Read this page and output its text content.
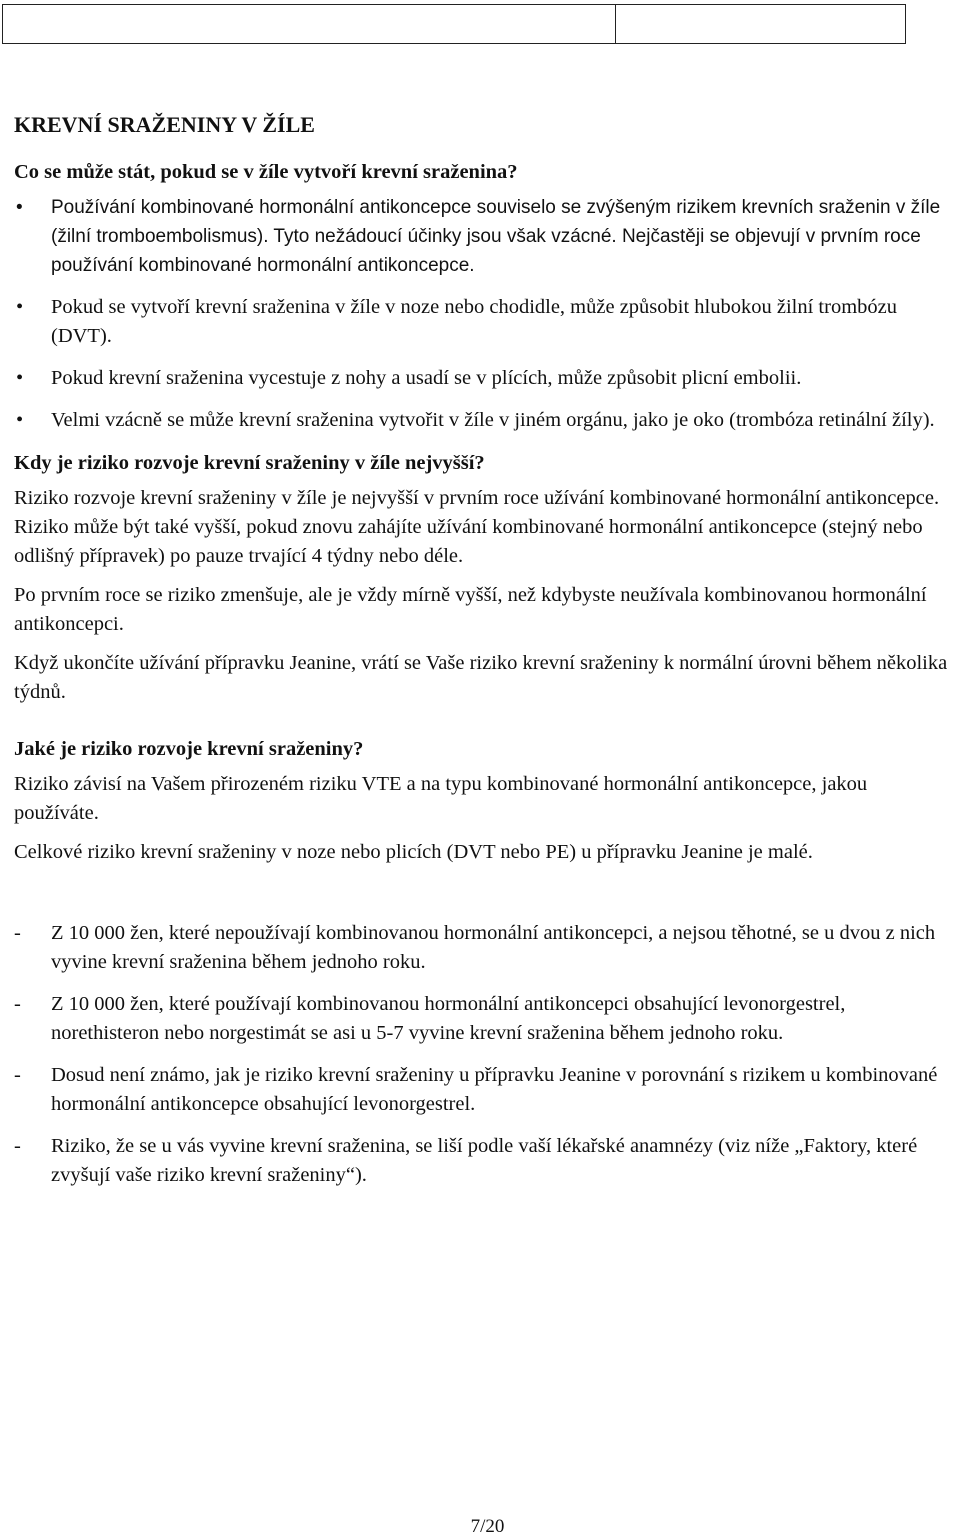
KREVNÍ SRAŽENINY V ŽÍLE
Co se může stát, pokud se v žíle vytvoří krevní sraženina?
• Používání kombinované hormonální antikoncepce souviselo se zvýšeným rizikem krevních sraženin v žíle (žilní tromboembolismus). Tyto nežádoucí účinky jsou však vzácné. Nejčastěji se objevují v prvním roce používání kombinované hormonální antikoncepce.
• Pokud se vytvoří krevní sraženina v žíle v noze nebo chodidle, může způsobit hlubokou žilní trombózu (DVT).
• Pokud krevní sraženina vycestuje z nohy a usadí se v plících, může způsobit plicní embolii.
• Velmi vzácně se může krevní sraženina vytvořit v žíle v jiném orgánu, jako je oko (trombóza retinální žíly).
Kdy je riziko rozvoje krevní sraženiny v žíle nejvyšší?

Riziko rozvoje krevní sraženiny v žíle je nejvyšší v prvním roce užívání kombinované hormonální antikoncepce. Riziko může být také vyšší, pokud znovu zahájíte užívání kombinované hormonální antikoncepce (stejný nebo odlišný přípravek) po pauze trvající 4 týdny nebo déle.

Po prvním roce se riziko zmenšuje, ale je vždy mírně vyšší, než kdybyste neužívala kombinovanou hormonální antikoncepci.

Když ukončíte užívání přípravku Jeanine, vrátí se Vaše riziko krevní sraženiny k normální úrovni během několika týdnů.

Jaké je riziko rozvoje krevní sraženiny?

Riziko závisí na Vašem přirozeném riziku VTE a na typu kombinované hormonální antikoncepce, jakou používáte.

Celkové riziko krevní sraženiny v noze nebo plicích (DVT nebo PE) u přípravku Jeanine je malé.

- Z 10 000 žen, které nepoužívají kombinovanou hormonální antikoncepci, a nejsou těhotné, se u dvou z nich vyvine krevní sraženina během jednoho roku.
- Z 10 000 žen, které používají kombinovanou hormonální antikoncepci obsahující levonorgestrel, norethisteron nebo norgestimát se asi u 5-7 vyvine krevní sraženina během jednoho roku.
- Dosud není známo, jak je riziko krevní sraženiny u přípravku Jeanine v porovnání s rizikem u kombinované hormonální antikoncepce obsahující levonorgestrel.
- Riziko, že se u vás vyvine krevní sraženina, se liší podle vaší lékařské anamnézy (viz níže „Faktory, které zvyšují vaše riziko krevní sraženiny“).
7/20
